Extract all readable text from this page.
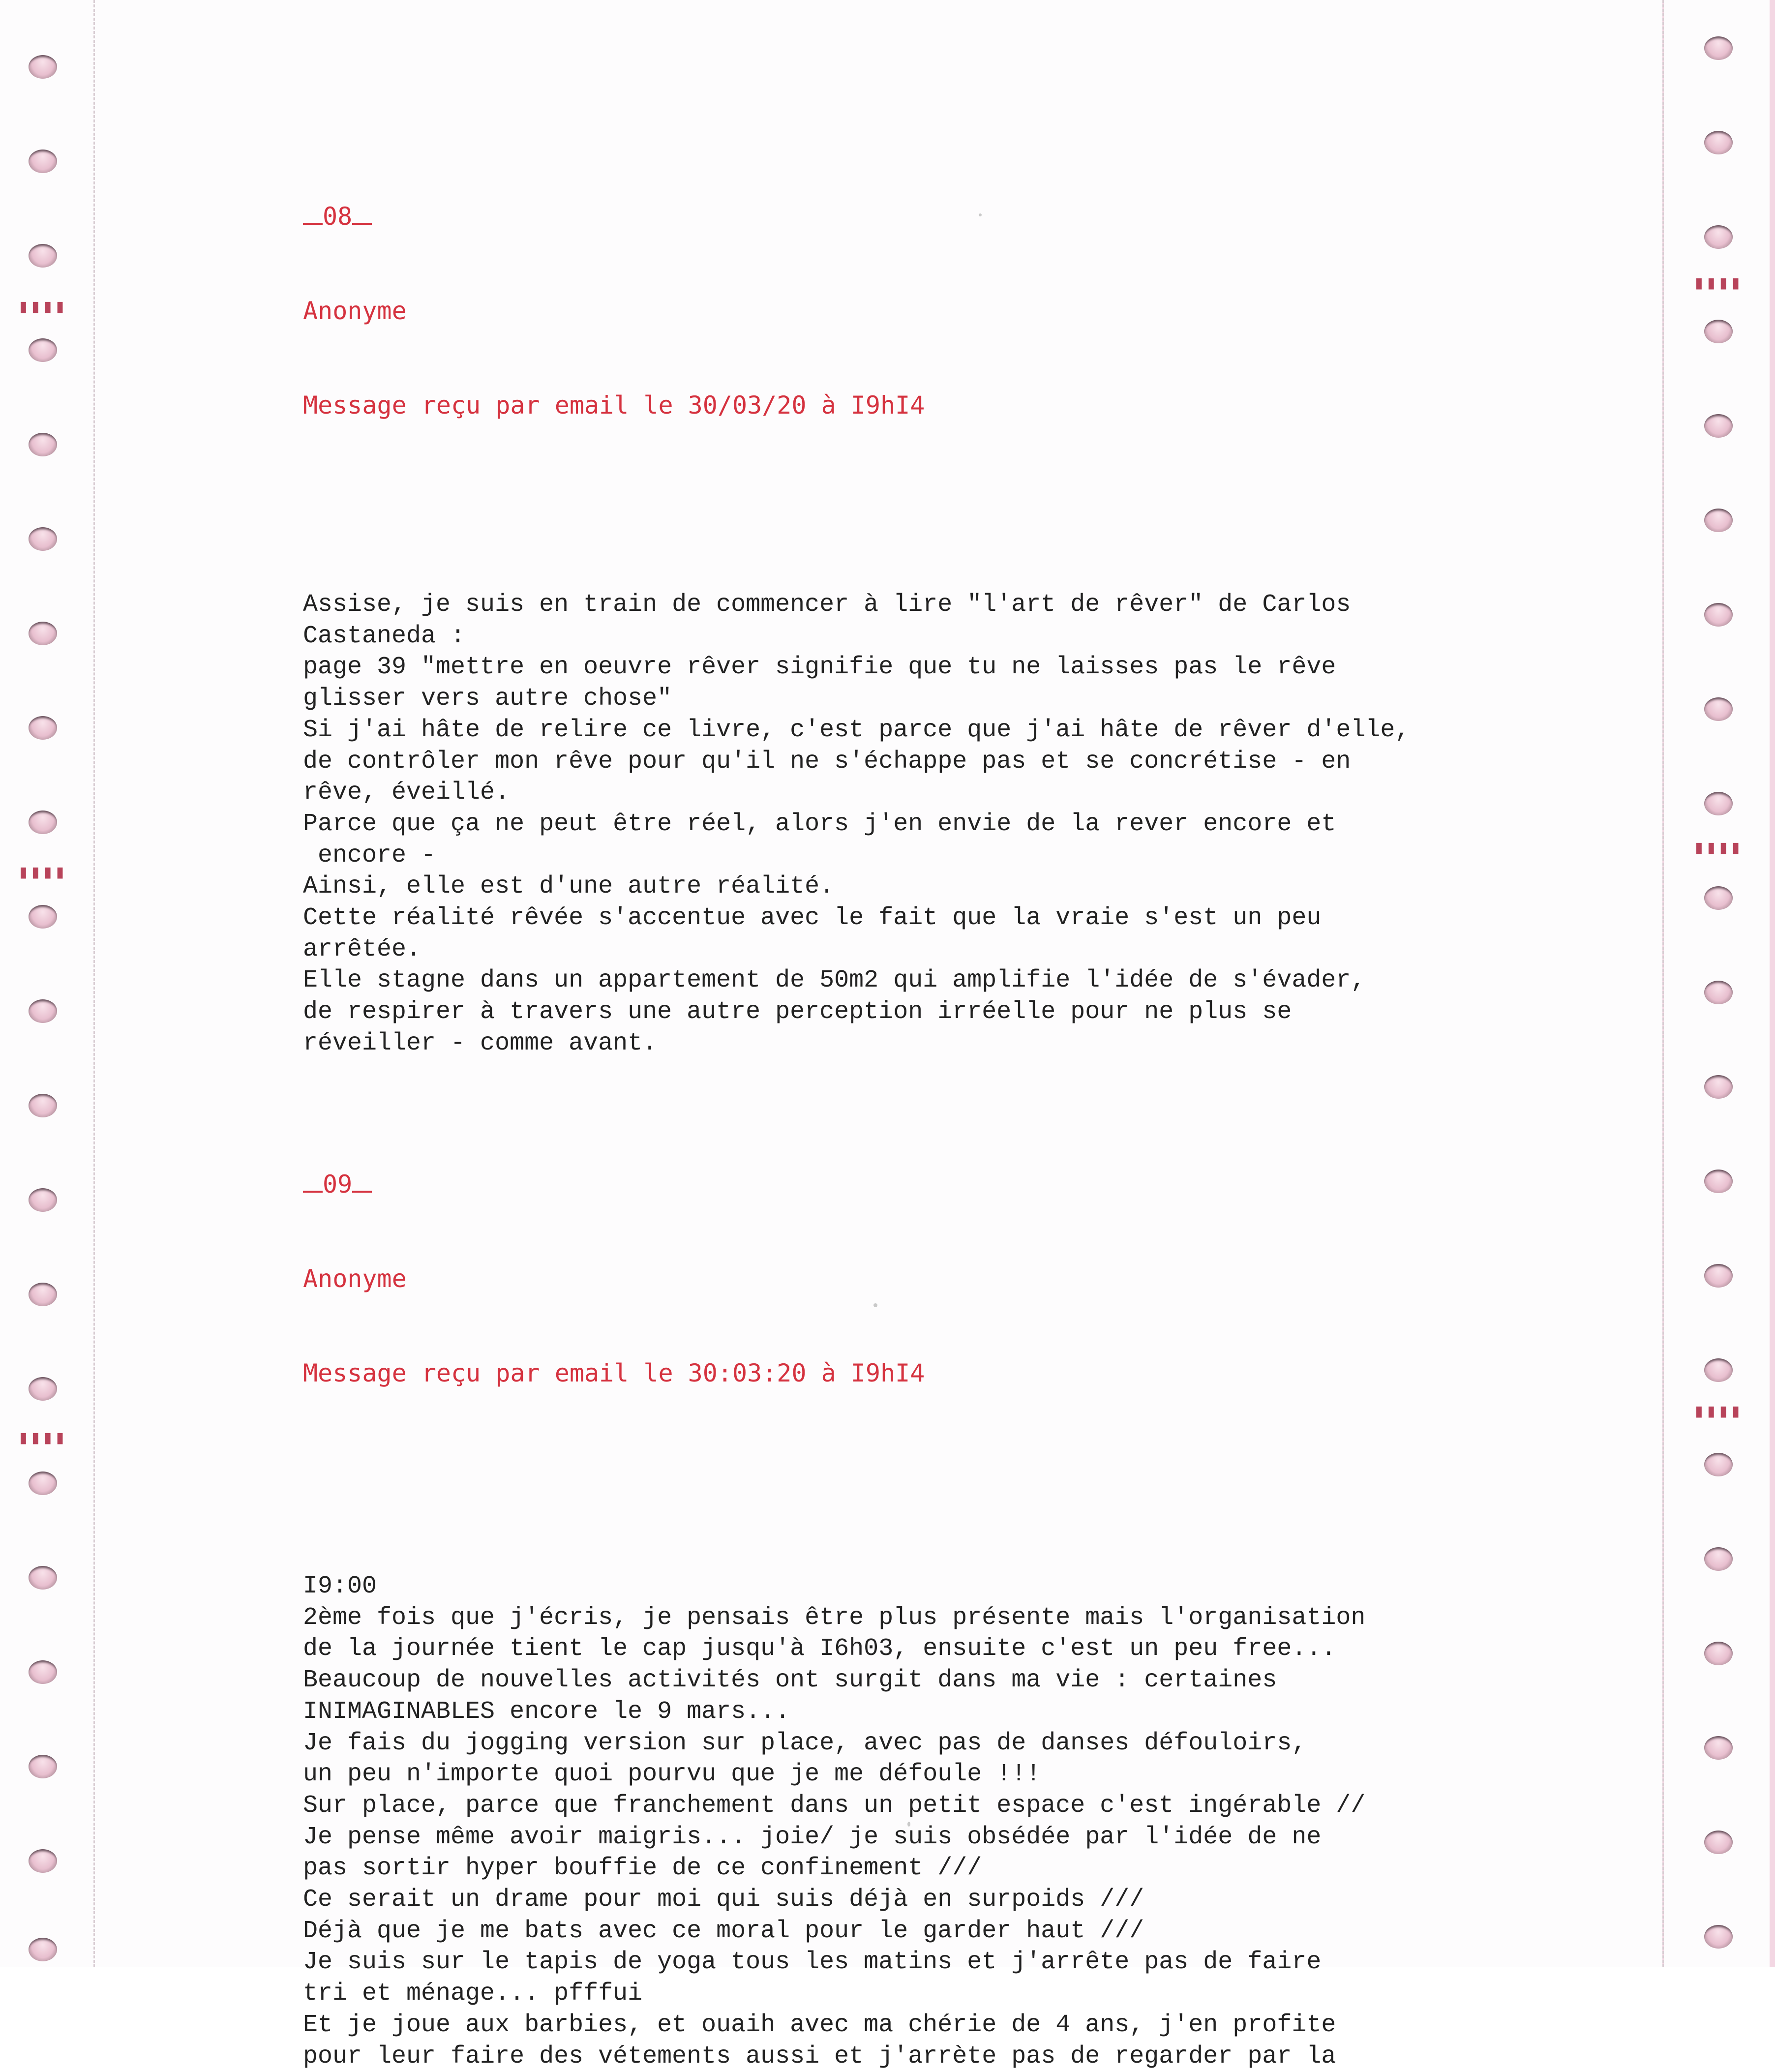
▮▮▮▮
▮▮▮▮
▮▮▮▮
▮▮▮▮
▮▮▮▮
▮▮▮▮

08

Anonyme

Message reçu par email le 30/03/20 à I9hI4

Assise, je suis en train de commencer à lire "l'art de rêver" de Carlos
Castaneda :
page 39 "mettre en oeuvre rêver signifie que tu ne laisses pas le rêve
glisser vers autre chose"
Si j'ai hâte de relire ce livre, c'est parce que j'ai hâte de rêver d'elle,
de contrôler mon rêve pour qu'il ne s'échappe pas et se concrétise - en
rêve, éveillé.
Parce que ça ne peut être réel, alors j'en envie de la rever encore et
encore -
Ainsi, elle est d'une autre réalité.
Cette réalité rêvée s'accentue avec le fait que la vraie s'est un peu
arrêtée.
Elle stagne dans un appartement de 50m2 qui amplifie l'idée de s'évader,
de respirer à travers une autre perception irréelle pour ne plus se
réveiller - comme avant.

09

Anonyme

Message reçu par email le 30:03:20 à I9hI4

I9:00
2ème fois que j'écris, je pensais être plus présente mais l'organisation
de la journée tient le cap jusqu'à I6h03, ensuite c'est un peu free...
Beaucoup de nouvelles activités ont surgit dans ma vie : certaines
INIMAGINABLES encore le 9 mars...
Je fais du jogging version sur place, avec pas de danses défouloirs,
un peu n'importe quoi pourvu que je me défoule !!!
Sur place, parce que franchement dans un petit espace c'est ingérable //
Je pense même avoir maigris... joie/ je suis obsédée par l'idée de ne
pas sortir hyper bouffie de ce confinement ///
Ce serait un drame pour moi qui suis déjà en surpoids ///
Déjà que je me bats avec ce moral pour le garder haut ///
Je suis sur le tapis de yoga tous les matins et j'arrête pas de faire
tri et ménage... pfffui
Et je joue aux barbies, et ouaih avec ma chérie de 4 ans, j'en profite
pour leur faire des vétements aussi et j'arrète pas de regarder par la
